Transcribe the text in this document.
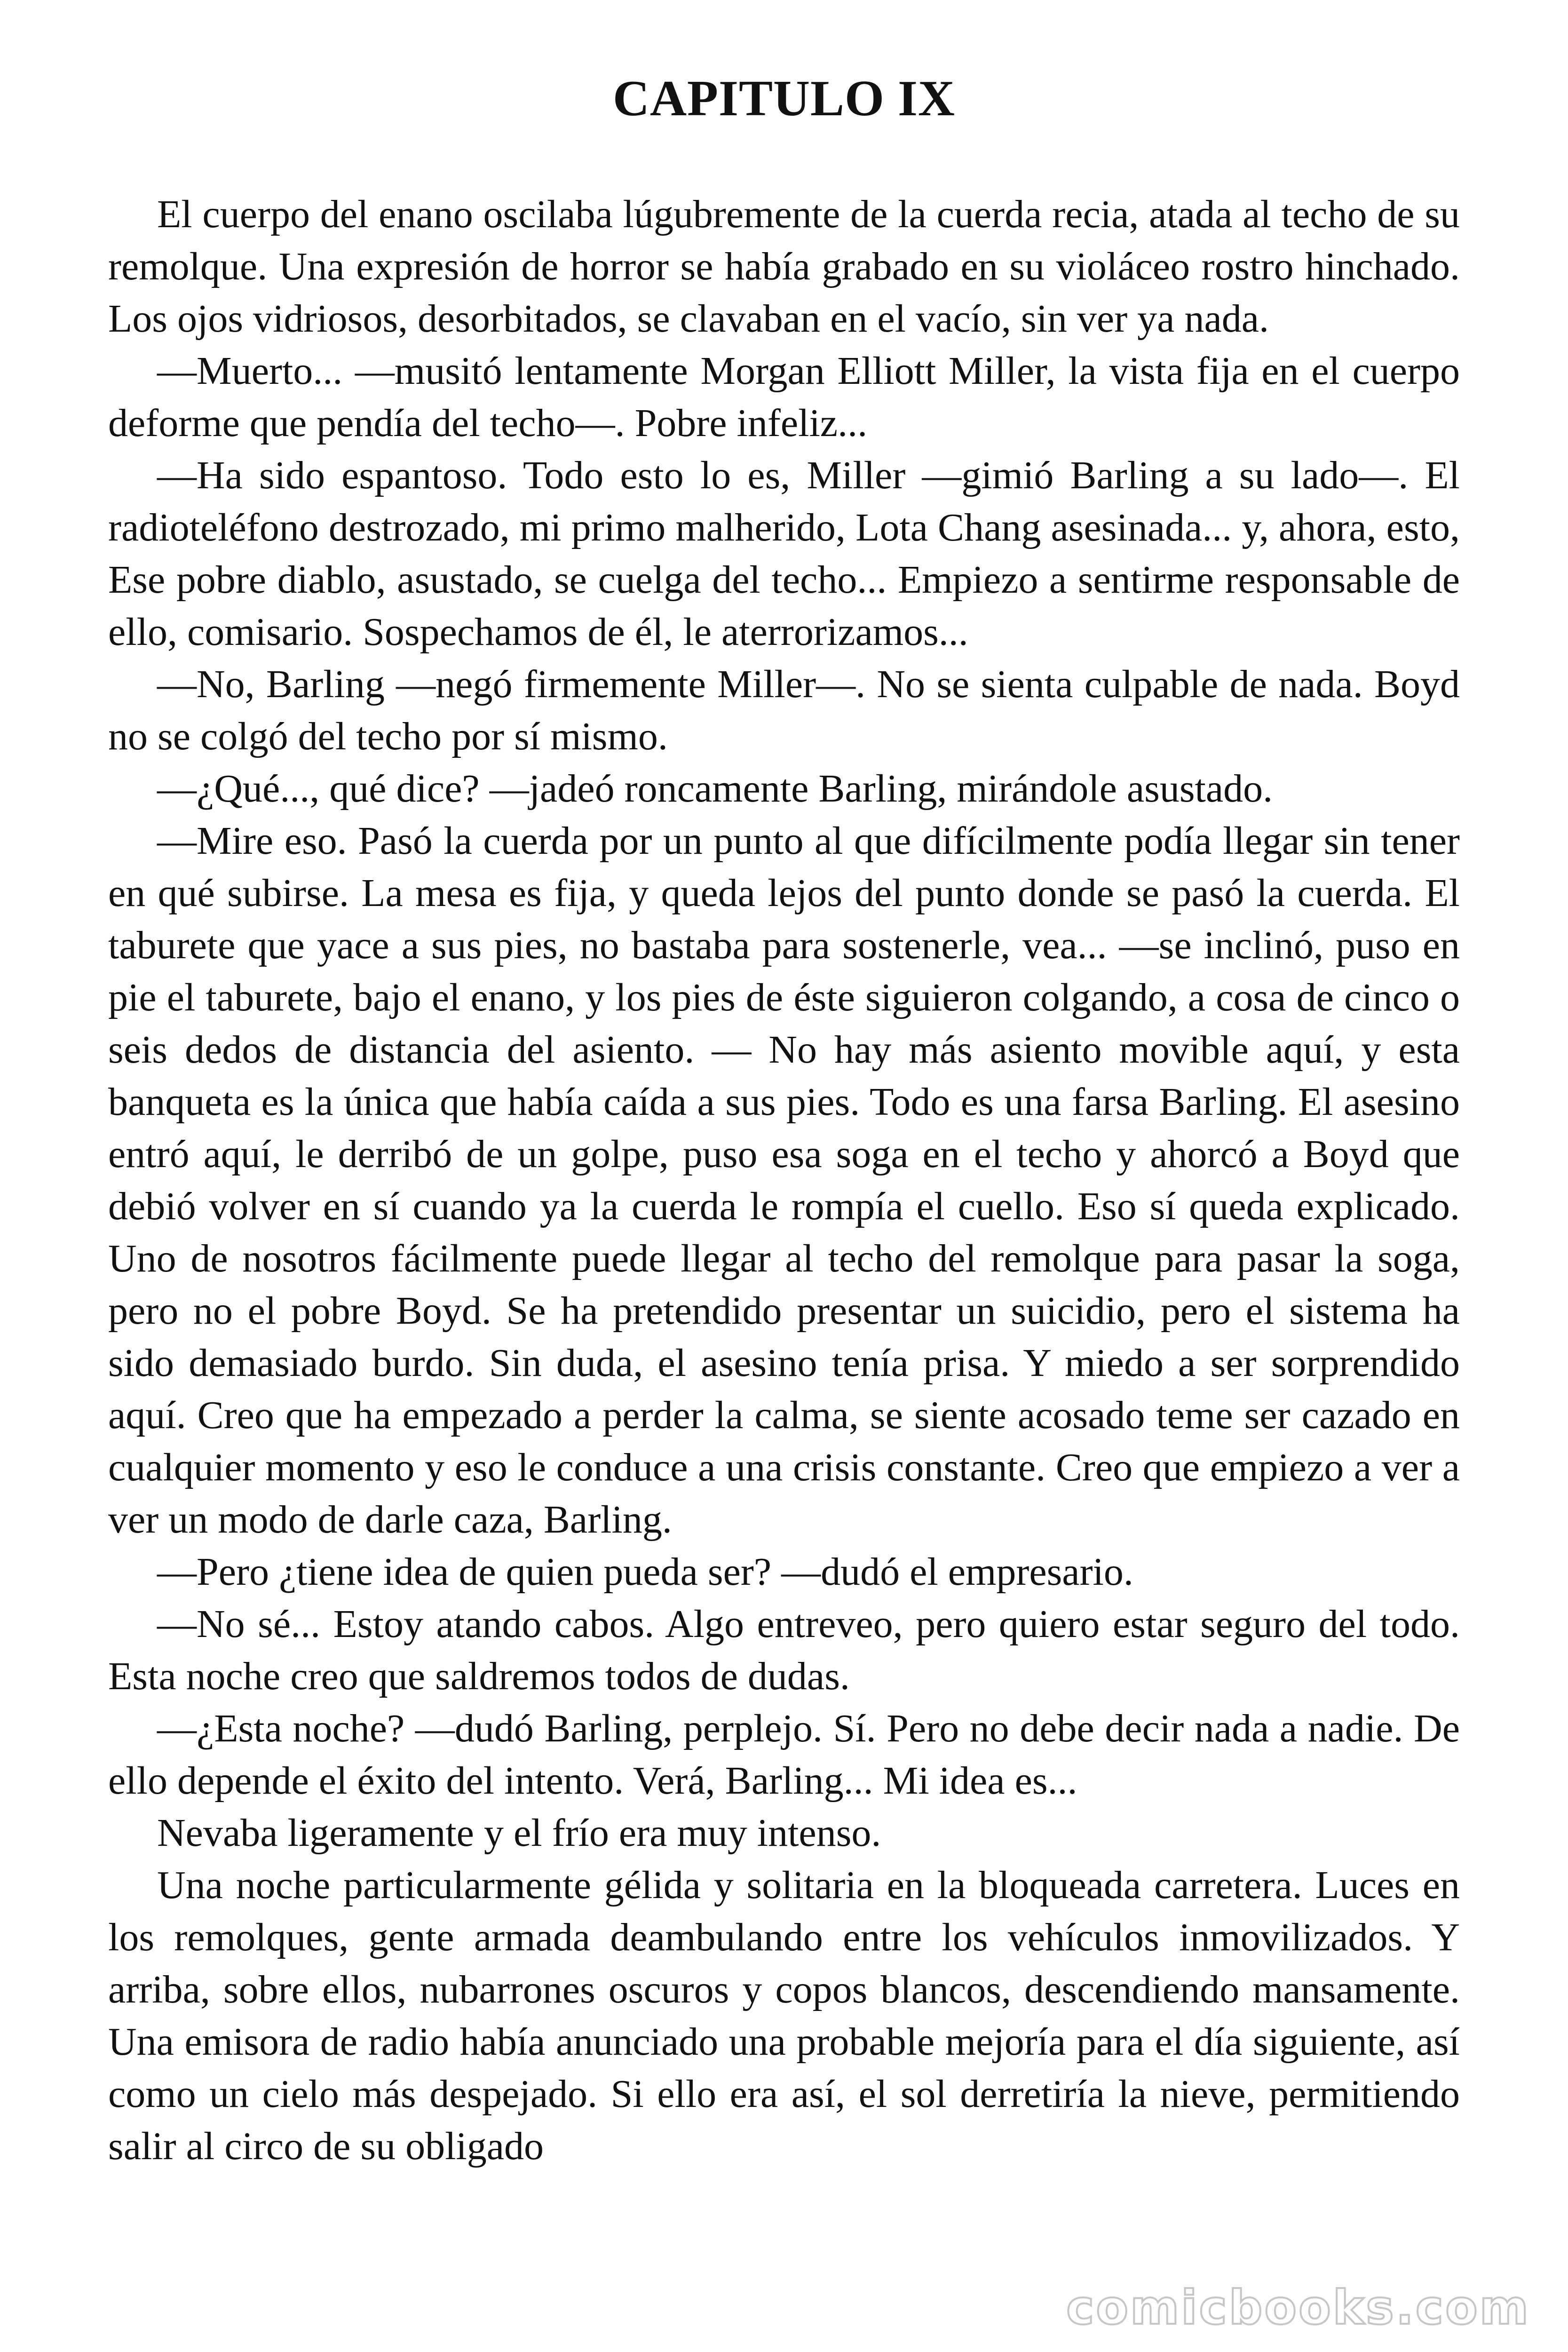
CAPITULO IX

El cuerpo del enano oscilaba lúgubremente de la cuerda recia, atada al techo de su remolque. Una expresión de horror se había grabado en su violáceo rostro hinchado. Los ojos vidriosos, desorbitados, se clavaban en el vacío, sin ver ya nada.

—Muerto... —musitó lentamente Morgan Elliott Miller, la vista fija en el cuerpo deforme que pendía del techo—. Pobre infeliz...

—Ha sido espantoso. Todo esto lo es, Miller —gimió Barling a su lado—. El radioteléfono destrozado, mi primo malherido, Lota Chang asesinada... y, ahora, esto, Ese pobre diablo, asustado, se cuelga del techo... Empiezo a sentirme responsable de ello, comisario. Sospechamos de él, le aterrorizamos...

—No, Barling —negó firmemente Miller—. No se sienta culpable de nada. Boyd no se colgó del techo por sí mismo.

—¿Qué..., qué dice? —jadeó roncamente Barling, mirándole asustado.

—Mire eso. Pasó la cuerda por un punto al que difícilmente podía llegar sin tener en qué subirse. La mesa es fija, y queda lejos del punto donde se pasó la cuerda. El taburete que yace a sus pies, no bastaba para sostenerle, vea... —se inclinó, puso en pie el taburete, bajo el enano, y los pies de éste siguieron colgando, a cosa de cinco o seis dedos de distancia del asiento. — No hay más asiento movible aquí, y esta banqueta es la única que había caída a sus pies. Todo es una farsa Barling. El asesino entró aquí, le derribó de un golpe, puso esa soga en el techo y ahorcó a Boyd que debió volver en sí cuando ya la cuerda le rompía el cuello. Eso sí queda explicado. Uno de nosotros fácilmente puede llegar al techo del remolque para pasar la soga, pero no el pobre Boyd. Se ha pretendido presentar un suicidio, pero el sistema ha sido demasiado burdo. Sin duda, el asesino tenía prisa. Y miedo a ser sorprendido aquí. Creo que ha empezado a perder la calma, se siente acosado teme ser cazado en cualquier momento y eso le conduce a una crisis constante. Creo que empiezo a ver a ver un modo de darle caza, Barling.

—Pero ¿tiene idea de quien pueda ser? —dudó el empresario.

—No sé... Estoy atando cabos. Algo entreveo, pero quiero estar seguro del todo. Esta noche creo que saldremos todos de dudas.

—¿Esta noche? —dudó Barling, perplejo. Sí. Pero no debe decir nada a nadie. De ello depende el éxito del intento. Verá, Barling... Mi idea es...

Nevaba ligeramente y el frío era muy intenso.

Una noche particularmente gélida y solitaria en la bloqueada carretera. Luces en los remolques, gente armada deambulando entre los vehículos inmovilizados. Y arriba, sobre ellos, nubarrones oscuros y copos blancos, descendiendo mansamente. Una emisora de radio había anunciado una probable mejoría para el día siguiente, así como un cielo más despejado. Si ello era así, el sol derretiría la nieve, permitiendo salir al circo de su obligado

comicbooks.com
